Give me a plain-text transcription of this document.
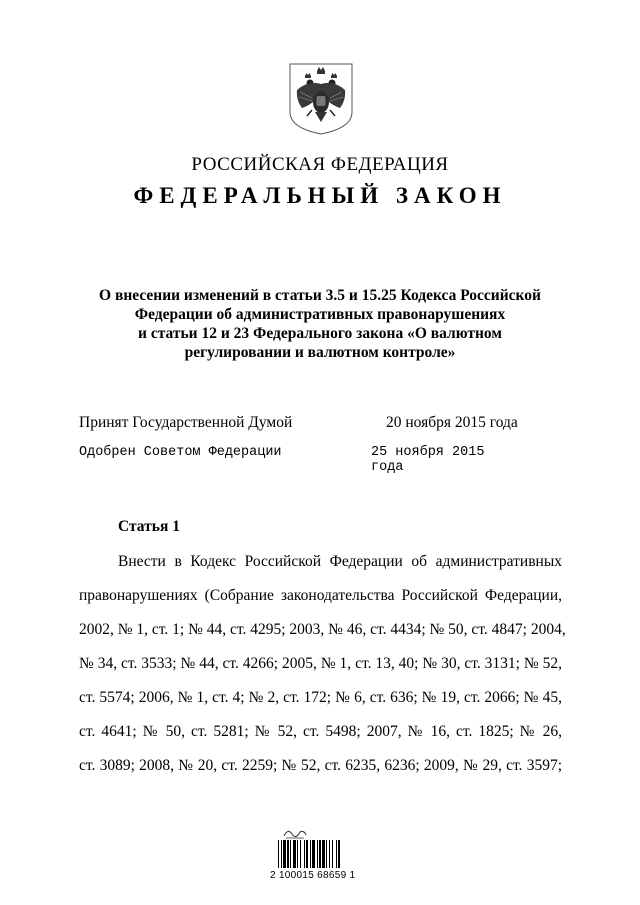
РОССИЙСКАЯ ФЕДЕРАЦИЯ
ФЕДЕРАЛЬНЫЙ ЗАКОН
О внесении изменений в статьи 3.5 и 15.25 Кодекса Российской
Федерации об административных правонарушениях
и статьи 12 и 23 Федерального закона «О валютном
регулировании и валютном контроле»
Принят Государственной Думой	20 ноября 2015 года
Одобрен Советом Федерации	25 ноября 2015 года
Статья 1
Внести в Кодекс Российской Федерации об административных
правонарушениях (Собрание законодательства Российской Федерации,
2002, № 1, ст. 1; № 44, ст. 4295; 2003, № 46, ст. 4434; № 50, ст. 4847; 2004,
№ 34, ст. 3533; № 44, ст. 4266; 2005, № 1, ст. 13, 40; № 30, ст. 3131; № 52,
ст. 5574; 2006, № 1, ст. 4; № 2, ст. 172; № 6, ст. 636; № 19, ст. 2066; № 45,
ст. 4641; № 50, ст. 5281; № 52, ст. 5498; 2007, № 16, ст. 1825; № 26,
ст. 3089; 2008, № 20, ст. 2259; № 52, ст. 6235, 6236; 2009, № 29, ст. 3597;
2 100015 68659 1
